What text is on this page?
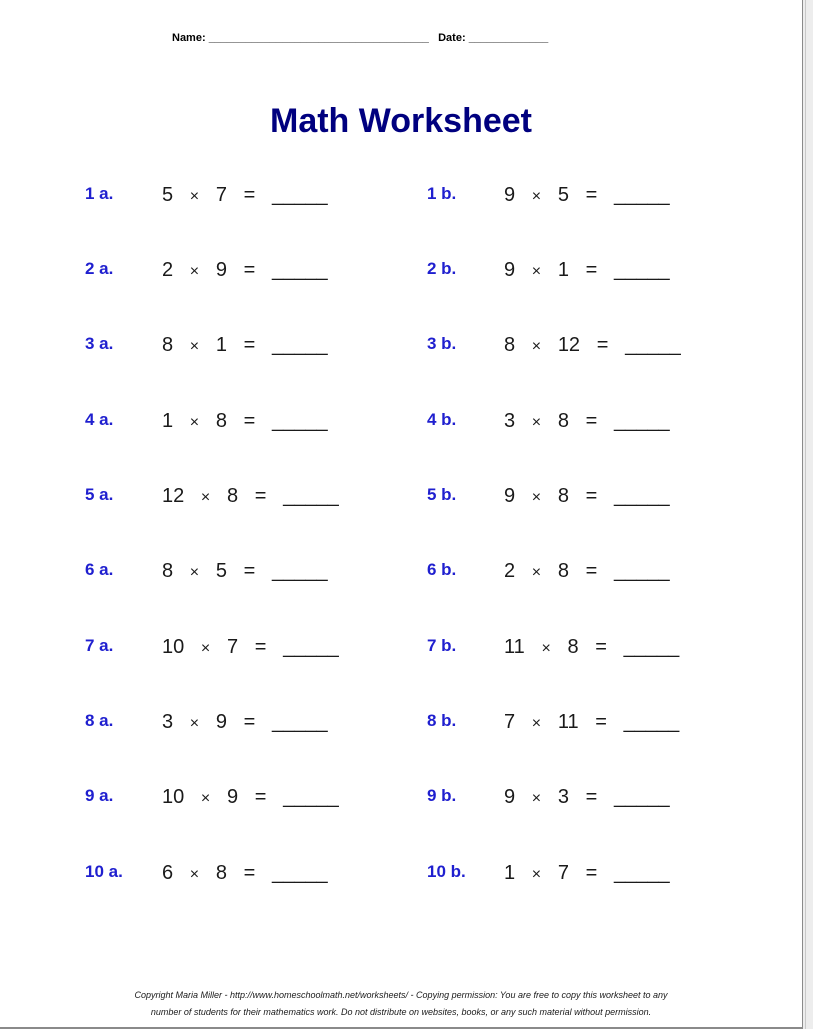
Name: ____________________________________ Date: _____________
Math Worksheet
1 a. 5 × 7 = _____
2 a. 2 × 9 = _____
3 a. 8 × 1 = _____
4 a. 1 × 8 = _____
5 a. 12 × 8 = _____
6 a. 8 × 5 = _____
7 a. 10 × 7 = _____
8 a. 3 × 9 = _____
9 a. 10 × 9 = _____
10 a. 6 × 8 = _____
1 b. 9 × 5 = _____
2 b. 9 × 1 = _____
3 b. 8 × 12 = _____
4 b. 3 × 8 = _____
5 b. 9 × 8 = _____
6 b. 2 × 8 = _____
7 b. 11 × 8 = _____
8 b. 7 × 11 = _____
9 b. 9 × 3 = _____
10 b. 1 × 7 = _____
Copyright Maria Miller - http://www.homeschoolmath.net/worksheets/ - Copying permission: You are free to copy this worksheet to any
number of students for their mathematics work. Do not distribute on websites, books, or any such material without permission.
